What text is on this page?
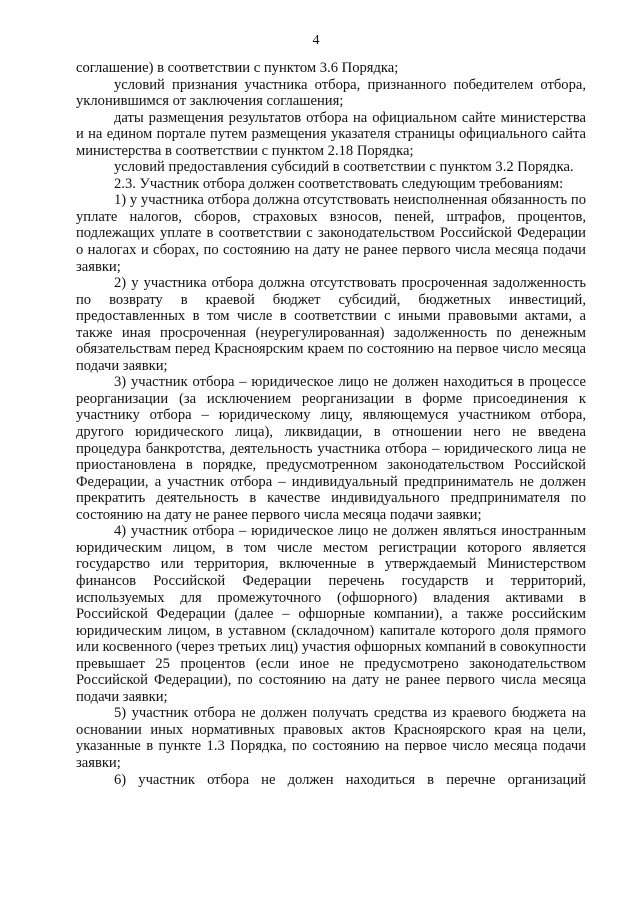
4

соглашение) в соответствии с пунктом 3.6 Порядка;

условий признания участника отбора, признанного победителем отбора, уклонившимся от заключения соглашения;

даты размещения результатов отбора на официальном сайте министерства и на едином портале путем размещения указателя страницы официального сайта министерства в соответствии с пунктом 2.18 Порядка;

условий предоставления субсидий в соответствии с пунктом 3.2 Порядка.

2.3. Участник отбора должен соответствовать следующим требованиям:

1) у участника отбора должна отсутствовать неисполненная обязанность по уплате налогов, сборов, страховых взносов, пеней, штрафов, процентов, подлежащих уплате в соответствии с законодательством Российской Федерации о налогах и сборах, по состоянию на дату не ранее первого числа месяца подачи заявки;

2) у участника отбора должна отсутствовать просроченная задолженность по возврату в краевой бюджет субсидий, бюджетных инвестиций, предоставленных в том числе в соответствии с иными правовыми актами, а также иная просроченная (неурегулированная) задолженность по денежным обязательствам перед Красноярским краем по состоянию на первое число месяца подачи заявки;

3) участник отбора – юридическое лицо не должен находиться в процессе реорганизации (за исключением реорганизации в форме присоединения к участнику отбора – юридическому лицу, являющемуся участником отбора, другого юридического лица), ликвидации, в отношении него не введена процедура банкротства, деятельность участника отбора – юридического лица не приостановлена в порядке, предусмотренном законодательством Российской Федерации, а участник отбора – индивидуальный предприниматель не должен прекратить деятельность в качестве индивидуального предпринимателя по состоянию на дату не ранее первого числа месяца подачи заявки;

4) участник отбора – юридическое лицо не должен являться иностранным юридическим лицом, в том числе местом регистрации которого является государство или территория, включенные в утверждаемый Министерством финансов Российской Федерации перечень государств и территорий, используемых для промежуточного (офшорного) владения активами в Российской Федерации (далее – офшорные компании), а также российским юридическим лицом, в уставном (складочном) капитале которого доля прямого или косвенного (через третьих лиц) участия офшорных компаний в совокупности превышает 25 процентов (если иное не предусмотрено законодательством Российской Федерации), по состоянию на дату не ранее первого числа месяца подачи заявки;

5) участник отбора не должен получать средства из краевого бюджета на основании иных нормативных правовых актов Красноярского края на цели, указанные в пункте 1.3 Порядка, по состоянию на первое число месяца подачи заявки;

6) участник отбора не должен находиться в перечне организаций
